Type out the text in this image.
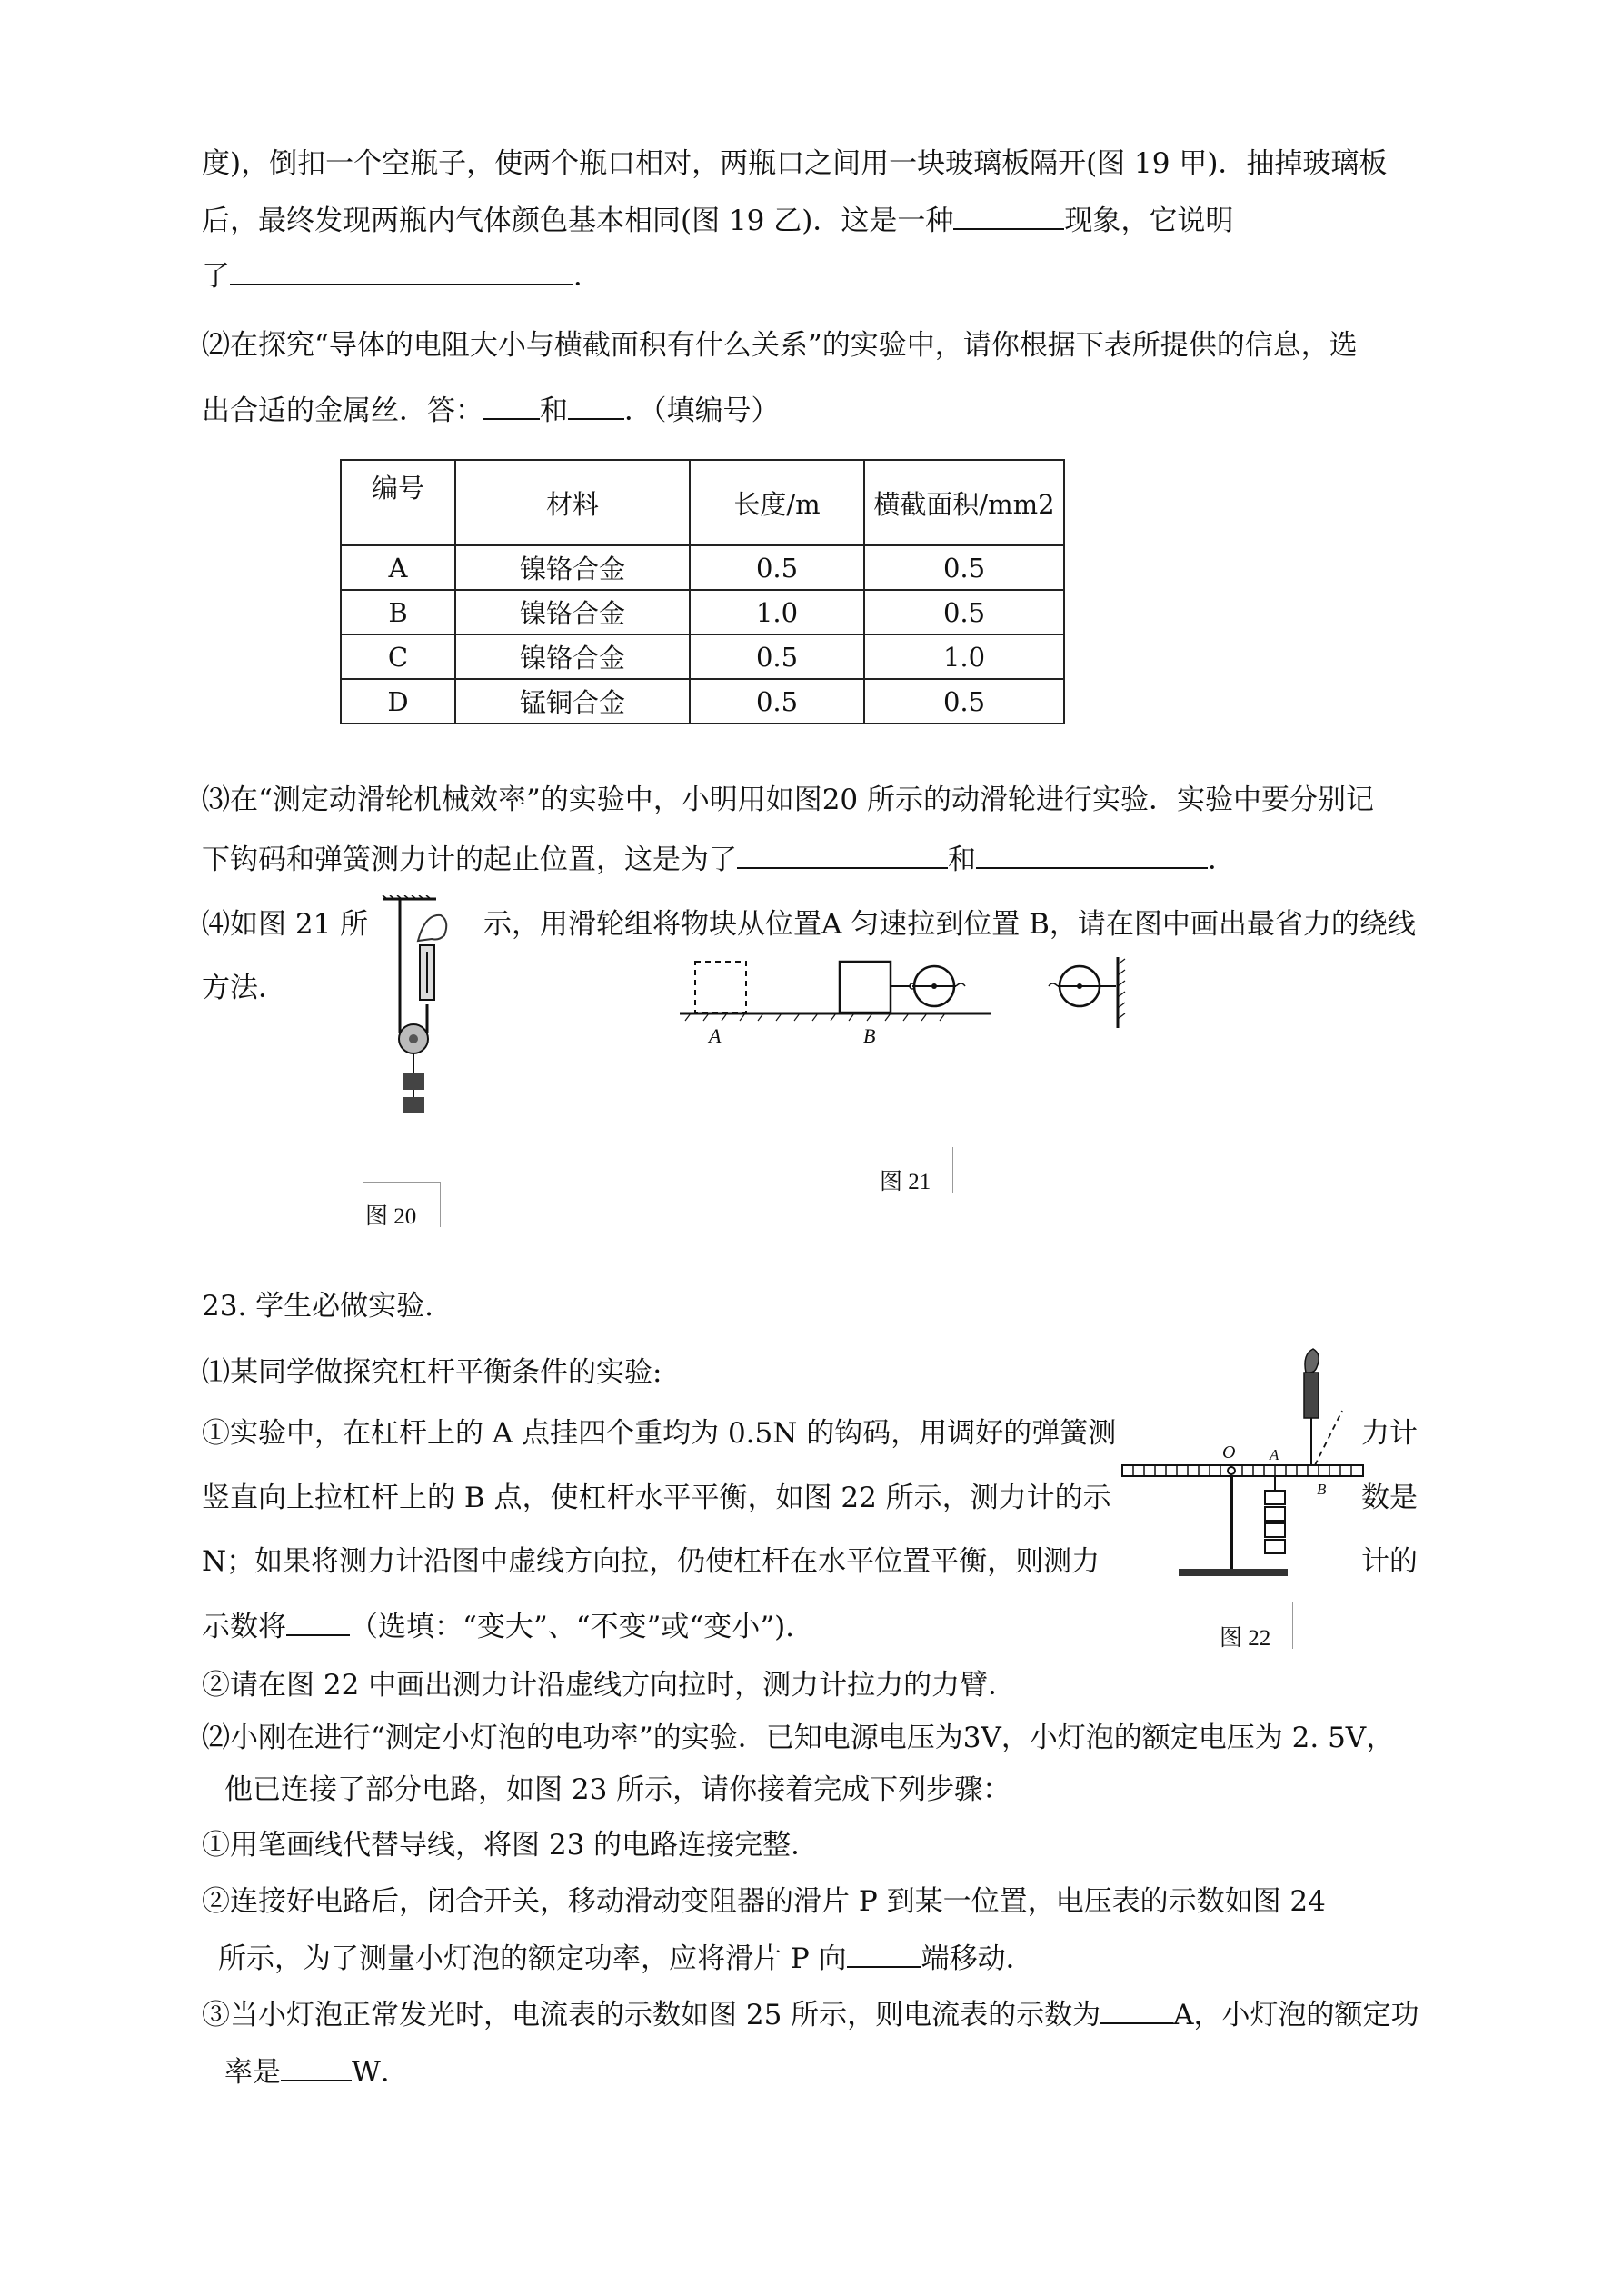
度)，倒扣一个空瓶子，使两个瓶口相对，两瓶口之间用一块玻璃板隔开(图 19 甲)．抽掉玻璃板
后，最终发现两瓶内气体颜色基本相同(图 19 乙)．这是一种	现象，它说明
了	．
⑵在探究“导体的电阻大小与横截面积有什么关系”的实验中，请你根据下表所提供的信息，选
出合适的金属丝．答： 和 ．（填编号）
编号	材料	长度/m	横截面积/mm2
A	镍铬合金	0.5	0.5
B	镍铬合金	1.0	0.5
C	镍铬合金	0.5	1.0
D	锰铜合金	0.5	0.5
⑶在“测定动滑轮机械效率”的实验中，小明用如图20 所示的动滑轮进行实验．实验中要分别记
下钩码和弹簧测力计的起止位置，这是为了	和	．
⑷如图 21 所	示，用滑轮组将物块从位置A 匀速拉到位置 B，请在图中画出最省力的绕线
方法．
图 20
A	B
图 21
23. 学生必做实验.
⑴某同学做探究杠杆平衡条件的实验:
①实验中，在杠杆上的 A 点挂四个重均为 0.5N 的钩码，用调好的弹簧测	力计
竖直向上拉杠杆上的 B 点，使杠杆水平平衡，如图 22 所示，测力计的示	数是
N；如果将测力计沿图中虚线方向拉，仍使杠杆在水平位置平衡，则测力	计的
示数将 （选填：“变大”、“不变”或“变小”).
O A
B
图 22
②请在图 22 中画出测力计沿虚线方向拉时，测力计拉力的力臂．
⑵小刚在进行“测定小灯泡的电功率”的实验．已知电源电压为3V，小灯泡的额定电压为 2. 5V，
他已连接了部分电路，如图 23 所示，请你接着完成下列步骤：
①用笔画线代替导线，将图 23 的电路连接完整．
②连接好电路后，闭合开关，移动滑动变阻器的滑片 P 到某一位置，电压表的示数如图 24
所示，为了测量小灯泡的额定功率，应将滑片 P 向	端移动．
③当小灯泡正常发光时，电流表的示数如图 25 所示，则电流表的示数为	A，小灯泡的额定功
率是	W．
